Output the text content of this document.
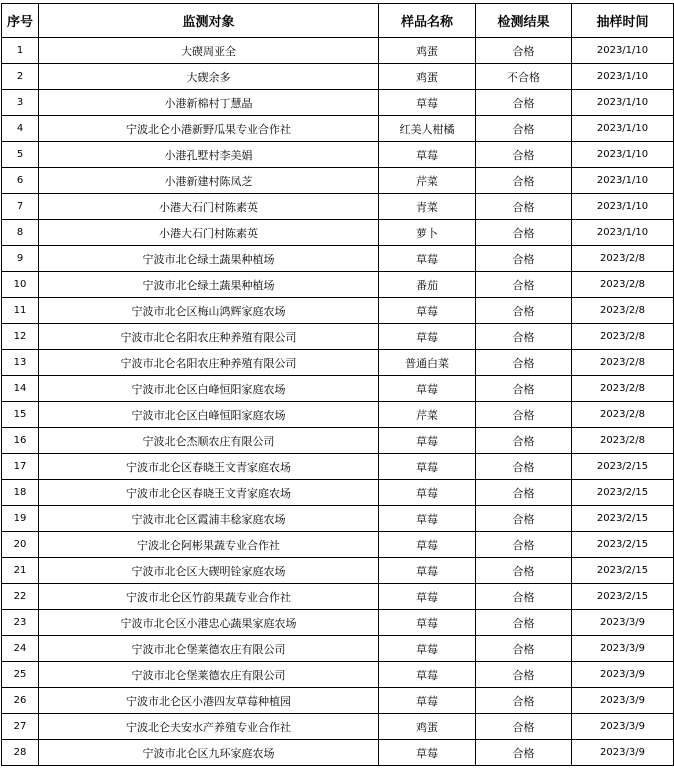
序号	监测对象	样品名称	检测结果	抽样时间
1	大碶周亚全	鸡蛋	合格	2023/1/10
2	大碶余多	鸡蛋	不合格	2023/1/10
3	小港新棉村丁慧晶	草莓	合格	2023/1/10
4	宁波北仑小港新野瓜果专业合作社	红美人柑橘	合格	2023/1/10
5	小港孔墅村李美娟	草莓	合格	2023/1/10
6	小港新建村陈凤芝	芹菜	合格	2023/1/10
7	小港大石门村陈素英	青菜	合格	2023/1/10
8	小港大石门村陈素英	萝卜	合格	2023/1/10
9	宁波市北仑绿土蔬果种植场	草莓	合格	2023/2/8
10	宁波市北仑绿土蔬果种植场	番茄	合格	2023/2/8
11	宁波市北仑区梅山鸿辉家庭农场	草莓	合格	2023/2/8
12	宁波市北仑名阳农庄种养殖有限公司	草莓	合格	2023/2/8
13	宁波市北仑名阳农庄种养殖有限公司	普通白菜	合格	2023/2/8
14	宁波市北仑区白峰恒阳家庭农场	草莓	合格	2023/2/8
15	宁波市北仑区白峰恒阳家庭农场	芹菜	合格	2023/2/8
16	宁波北仑杰顺农庄有限公司	草莓	合格	2023/2/8
17	宁波市北仑区春晓王文青家庭农场	草莓	合格	2023/2/15
18	宁波市北仑区春晓王文青家庭农场	草莓	合格	2023/2/15
19	宁波市北仑区霞浦丰稔家庭农场	草莓	合格	2023/2/15
20	宁波北仑阿彬果蔬专业合作社	草莓	合格	2023/2/15
21	宁波市北仑区大碶明铨家庭农场	草莓	合格	2023/2/15
22	宁波市北仑区竹韵果蔬专业合作社	草莓	合格	2023/2/15
23	宁波市北仑区小港忠心蔬果家庭农场	草莓	合格	2023/3/9
24	宁波市北仑堡莱德农庄有限公司	草莓	合格	2023/3/9
25	宁波市北仑堡莱德农庄有限公司	草莓	合格	2023/3/9
26	宁波市北仑区小港四友草莓种植园	草莓	合格	2023/3/9
27	宁波北仑夫安水产养殖专业合作社	鸡蛋	合格	2023/3/9
28	宁波市北仑区九环家庭农场	草莓	合格	2023/3/9
